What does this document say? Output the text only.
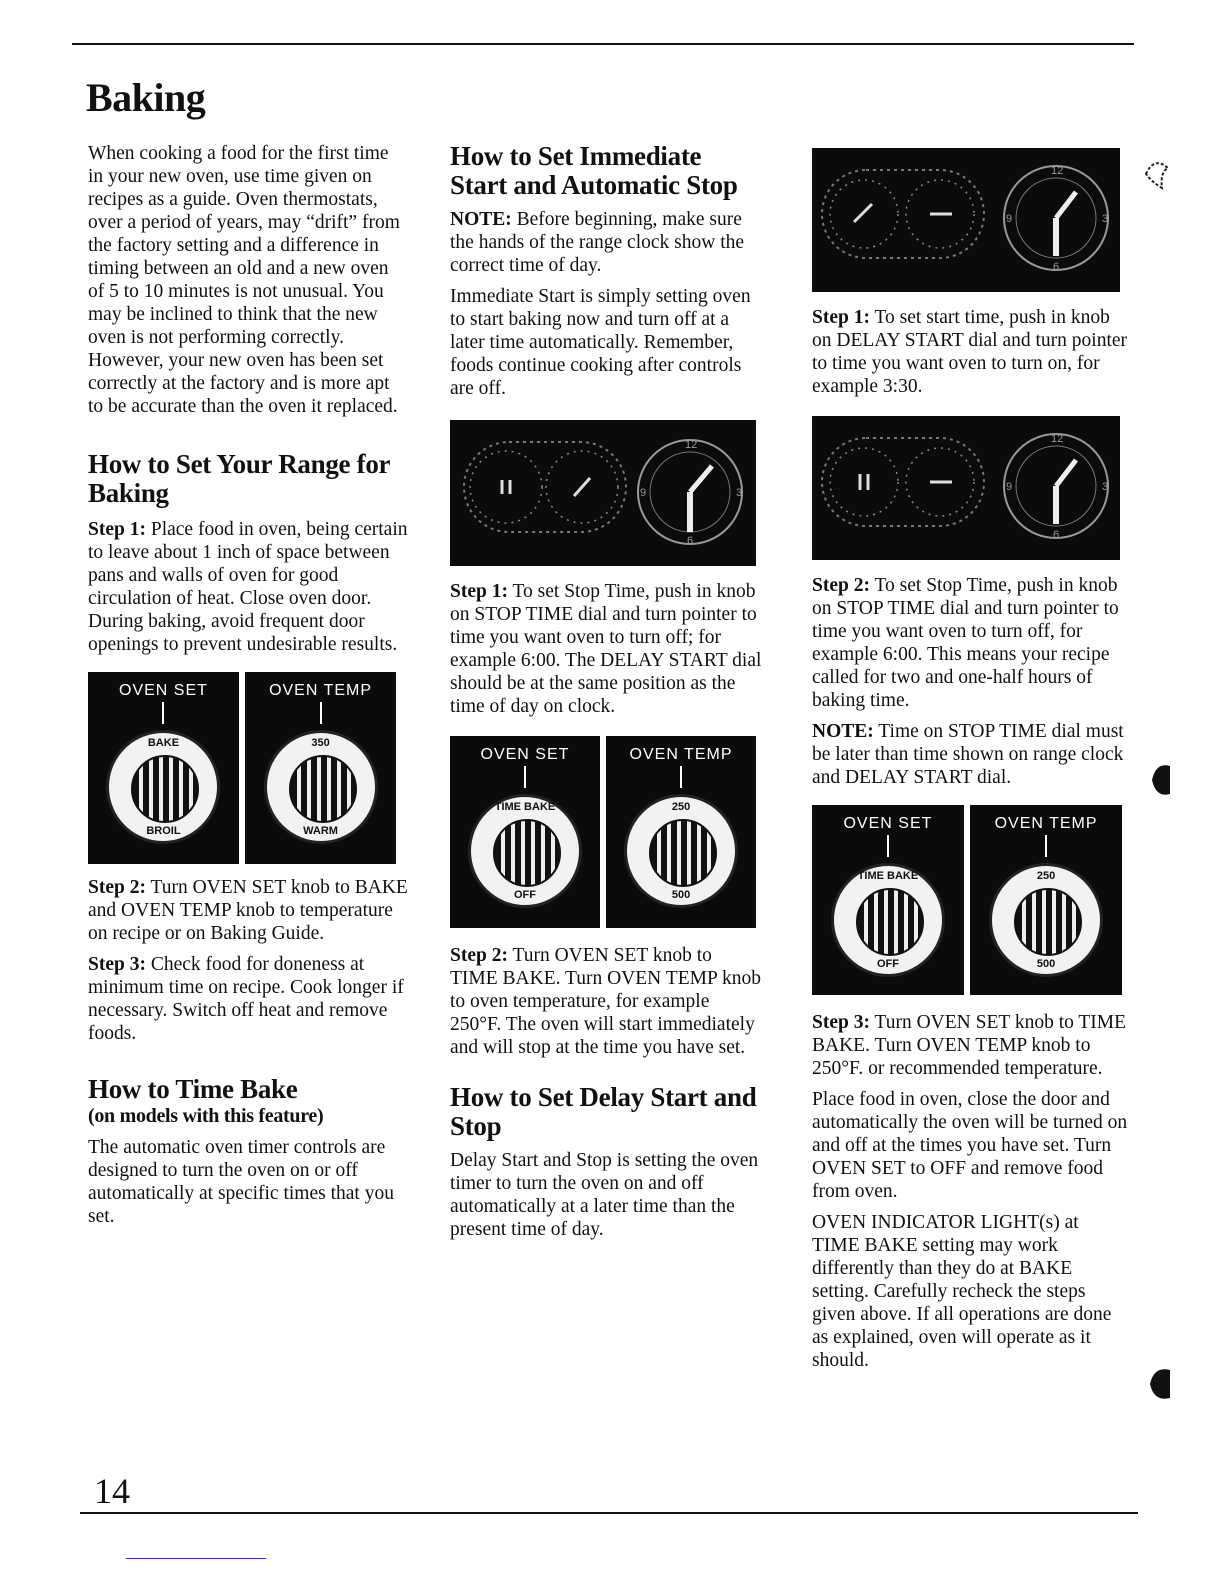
Baking

When cooking a food for the first time in your new oven, use time given on recipes as a guide. Oven thermostats, over a period of years, may “drift” from the factory setting and a difference in timing between an old and a new oven of 5 to 10 minutes is not unusual. You may be inclined to think that the new oven is not performing correctly. However, your new oven has been set correctly at the factory and is more apt to be accurate than the oven it replaced.

How to Set Your Range for Baking

Step 1: Place food in oven, being certain to leave about 1 inch of space between pans and walls of oven for good circulation of heat. Close oven door. During baking, avoid frequent door openings to prevent undesirable results.

OVEN SET
BAKE
BROIL
OVEN TEMP
350
WARM

Step 2: Turn OVEN SET knob to BAKE and OVEN TEMP knob to temperature on recipe or on Baking Guide.

Step 3: Check food for doneness at minimum time on recipe. Cook longer if necessary. Switch off heat and remove foods.

How to Time Bake
(on models with this feature)

The automatic oven timer controls are designed to turn the oven on or off automatically at specific times that you set.

How to Set Immediate Start and Automatic Stop

NOTE: Before beginning, make sure the hands of the range clock show the correct time of day.

Immediate Start is simply setting oven to start baking now and turn off at a later time automatically. Remember, foods continue cooking after controls are off.

12
3
6
9

Step 1: To set Stop Time, push in knob on STOP TIME dial and turn pointer to time you want oven to turn off; for example 6:00. The DELAY START dial should be at the same position as the time of day on clock.

OVEN SET
TIME BAKE
OFF
OVEN TEMP
250
500

Step 2: Turn OVEN SET knob to TIME BAKE. Turn OVEN TEMP knob to oven temperature, for example 250°F. The oven will start immediately and will stop at the time you have set.

How to Set Delay Start and Stop

Delay Start and Stop is setting the oven timer to turn the oven on and off automatically at a later time than the present time of day.

12
3
6
9

Step 1: To set start time, push in knob on DELAY START dial and turn pointer to time you want oven to turn on, for example 3:30.

12
3
6
9

Step 2: To set Stop Time, push in knob on STOP TIME dial and turn pointer to time you want oven to turn off, for example 6:00. This means your recipe called for two and one-half hours of baking time.

NOTE: Time on STOP TIME dial must be later than time shown on range clock and DELAY START dial.

OVEN SET
TIME BAKE
OFF
OVEN TEMP
250
500

Step 3: Turn OVEN SET knob to TIME BAKE. Turn OVEN TEMP knob to 250°F. or recommended temperature.

Place food in oven, close the door and automatically the oven will be turned on and off at the times you have set. Turn OVEN SET to OFF and remove food from oven.

OVEN INDICATOR LIGHT(s) at TIME BAKE setting may work differently than they do at BAKE setting. Carefully recheck the steps given above. If all operations are done as explained, oven will operate as it should.

14
